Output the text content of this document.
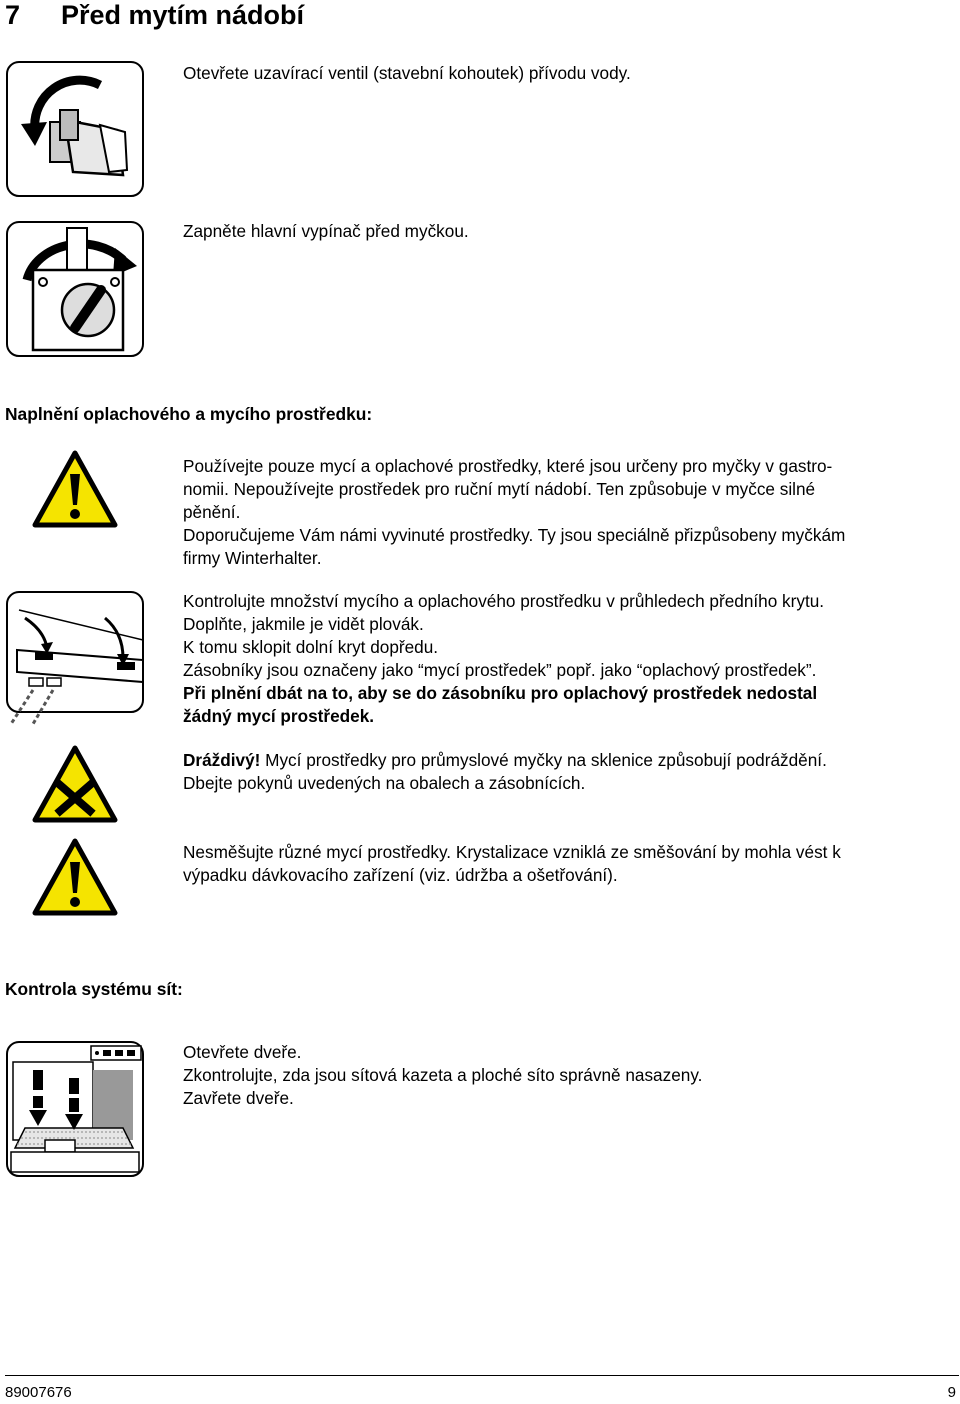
7 Před mytím nádobí
Otevřete uzavírací ventil (stavební kohoutek) přívodu vody.
Zapněte hlavní vypínač před myčkou.
Naplnění oplachového a mycího prostředku:
Používejte pouze mycí a oplachové prostředky, které jsou určeny pro myčky v gastro-
nomii. Nepoužívejte prostředek pro ruční mytí nádobí. Ten způsobuje v myčce silné
pěnění.
Doporučujeme Vám námi vyvinuté prostředky. Ty jsou speciálně přizpůsobeny myčkám
firmy Winterhalter.
Kontrolujte množství mycího a oplachového prostředku v průhledech předního krytu.
Doplňte, jakmile je vidět plovák.
K tomu sklopit dolní kryt dopředu.
Zásobníky jsou označeny jako “mycí prostředek” popř. jako “oplachový prostředek”.
Při plnění dbát na to, aby se do zásobníku pro oplachový prostředek nedostal
žádný mycí prostředek.
Dráždivý! Mycí prostředky pro průmyslové myčky na sklenice způsobují podráždění.
Dbejte pokynů uvedených na obalech a zásobnících.
Nesměšujte různé mycí prostředky. Krystalizace vzniklá ze směšování by mohla vést k
výpadku dávkovacího zařízení (viz. údržba a ošetřování).
Kontrola systému sít:
Otevřete dveře.
Zkontrolujte, zda jsou sítová kazeta a ploché síto správně nasazeny.
Zavřete dveře.
89007676	9
